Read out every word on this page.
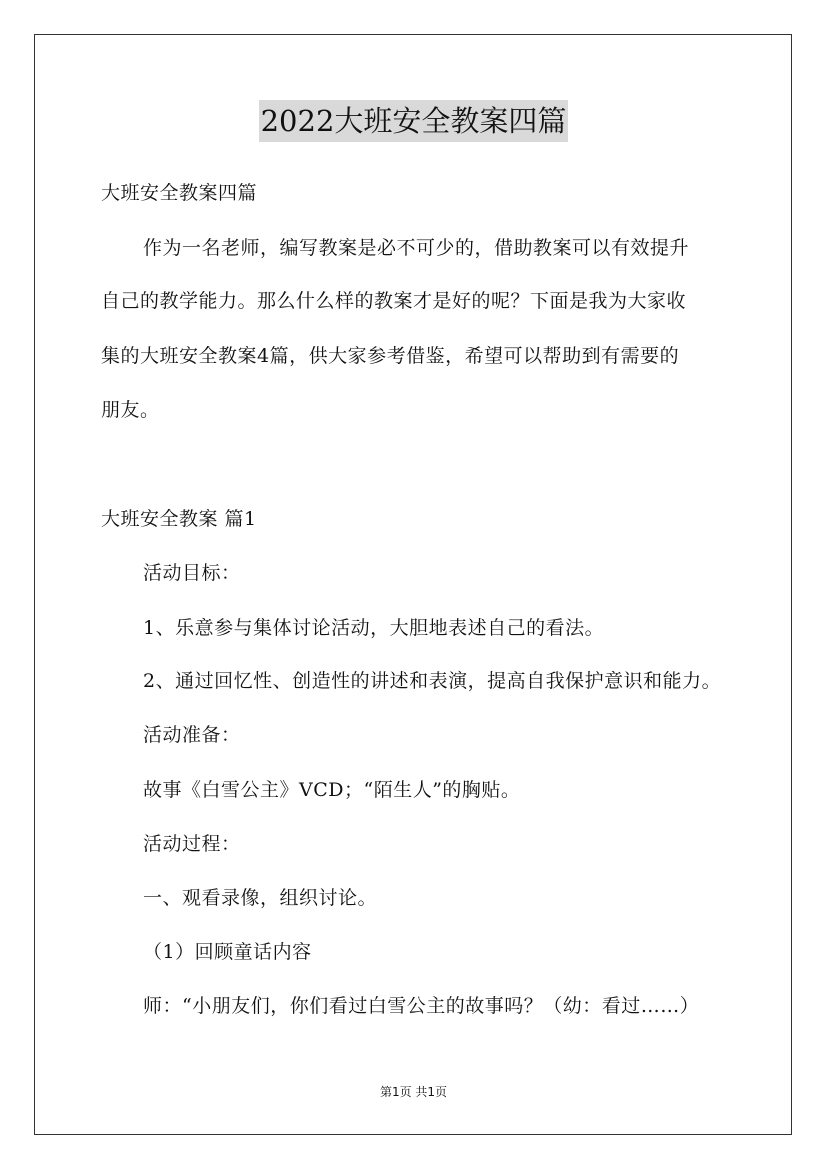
2022大班安全教案四篇
大班安全教案四篇
作为一名老师，编写教案是必不可少的，借助教案可以有效提升
自己的教学能力。那么什么样的教案才是好的呢？下面是我为大家收
集的大班安全教案4篇，供大家参考借鉴，希望可以帮助到有需要的
朋友。
大班安全教案 篇1
活动目标：
1、乐意参与集体讨论活动，大胆地表述自己的看法。
2、通过回忆性、创造性的讲述和表演，提高自我保护意识和能力。
活动准备：
故事《白雪公主》VCD；“陌生人”的胸贴。
活动过程：
一、观看录像，组织讨论。
（1）回顾童话内容
师：“小朋友们，你们看过白雪公主的故事吗？（幼：看过……）
第1页 共1页
